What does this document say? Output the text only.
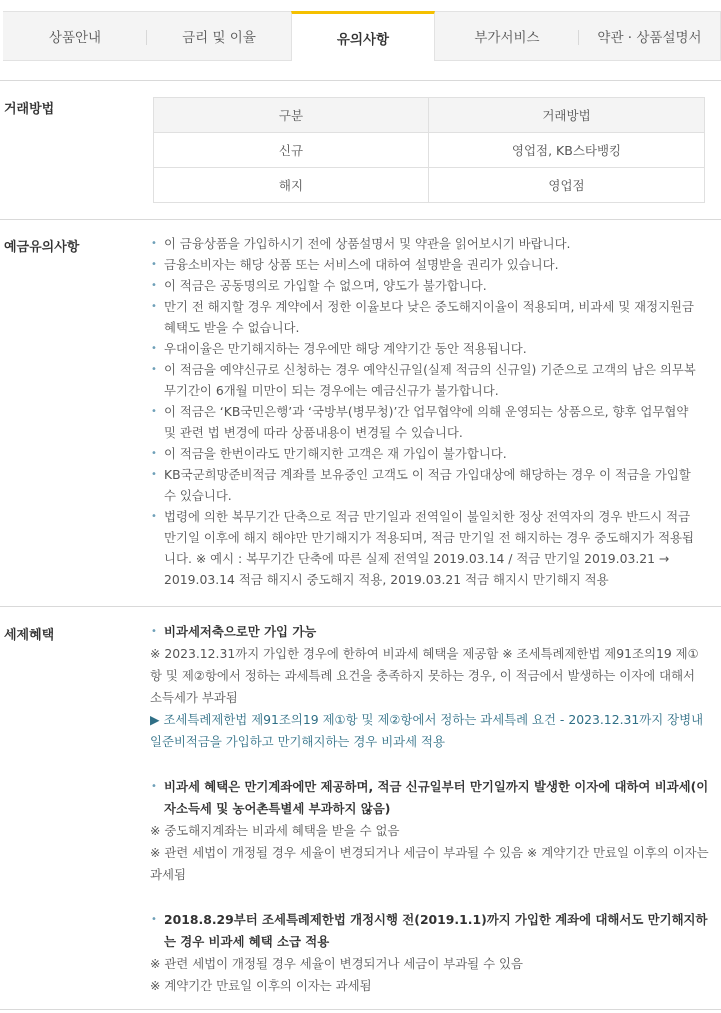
상품안내	금리 및 이율	유의사항	부가서비스	약관 · 상품설명서
거래방법	구분	거래방법
신규	영업점, KB스타뱅킹
해지	영업점
예금유의사항	• 이 금융상품을 가입하시기 전에 상품설명서 및 약관을 읽어보시기 바랍니다.
• 금융소비자는 해당 상품 또는 서비스에 대하여 설명받을 권리가 있습니다.
• 이 적금은 공동명의로 가입할 수 없으며, 양도가 불가합니다.
• 만기 전 해지할 경우 계약에서 정한 이율보다 낮은 중도해지이율이 적용되며, 비과세 및 재정지원금 혜택도 받을 수 없습니다.
• 우대이율은 만기해지하는 경우에만 해당 계약기간 동안 적용됩니다.
• 이 적금을 예약신규로 신청하는 경우 예약신규일(실제 적금의 신규일) 기준으로 고객의 남은 의무복무기간이 6개월 미만이 되는 경우에는 예금신규가 불가합니다.
• 이 적금은 ‘KB국민은행’과 ‘국방부(병무청)’간 업무협약에 의해 운영되는 상품으로, 향후 업무협약 및 관련 법 변경에 따라 상품내용이 변경될 수 있습니다.
• 이 적금을 한번이라도 만기해지한 고객은 재 가입이 불가합니다.
• KB국군희망준비적금 계좌를 보유중인 고객도 이 적금 가입대상에 해당하는 경우 이 적금을 가입할 수 있습니다.
• 법령에 의한 복무기간 단축으로 적금 만기일과 전역일이 불일치한 정상 전역자의 경우 반드시 적금 만기일 이후에 해지 해야만 만기해지가 적용되며, 적금 만기일 전 해지하는 경우 중도해지가 적용됩니다. ※ 예시 : 복무기간 단축에 따른 실제 전역일 2019.03.14 / 적금 만기일 2019.03.21 → 2019.03.14 적금 해지시 중도해지 적용, 2019.03.21 적금 해지시 만기해지 적용
세제혜택	• 비과세저축으로만 가입 가능
※ 2023.12.31까지 가입한 경우에 한하여 비과세 혜택을 제공함 ※ 조세특례제한법 제91조의19 제①항 및 제②항에서 정하는 과세특례 요건을 충족하지 못하는 경우, 이 적금에서 발생하는 이자에 대해서 소득세가 부과됨
▶ 조세특례제한법 제91조의19 제①항 및 제②항에서 정하는 과세특례 요건 - 2023.12.31까지 장병내일준비적금을 가입하고 만기해지하는 경우 비과세 적용
• 비과세 혜택은 만기계좌에만 제공하며, 적금 신규일부터 만기일까지 발생한 이자에 대하여 비과세(이자소득세 및 농어촌특별세 부과하지 않음)
※ 중도해지계좌는 비과세 혜택을 받을 수 없음
※ 관련 세법이 개정될 경우 세율이 변경되거나 세금이 부과될 수 있음 ※ 계약기간 만료일 이후의 이자는 과세됨
• 2018.8.29부터 조세특례제한법 개정시행 전(2019.1.1)까지 가입한 계좌에 대해서도 만기해지하는 경우 비과세 혜택 소급 적용
※ 관련 세법이 개정될 경우 세율이 변경되거나 세금이 부과될 수 있음
※ 계약기간 만료일 이후의 이자는 과세됨
